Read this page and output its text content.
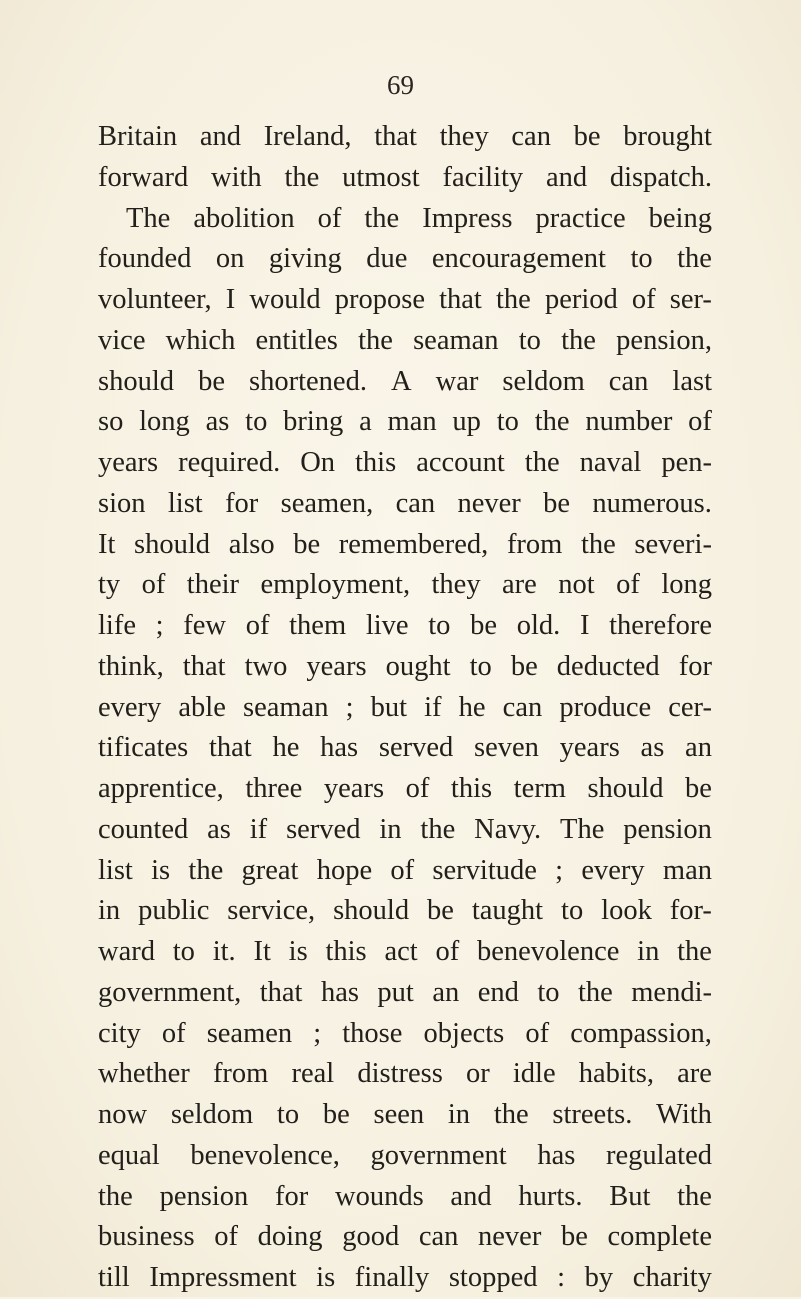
69
Britain and Ireland, that they can be brought
forward with the utmost facility and dispatch.
The abolition of the Impress practice being
founded on giving due encouragement to the
volunteer, I would propose that the period of ser-
vice which entitles the seaman to the pension,
should be shortened. A war seldom can last
so long as to bring a man up to the number of
years required. On this account the naval pen-
sion list for seamen, can never be numerous.
It should also be remembered, from the severi-
ty of their employment, they are not of long
life ; few of them live to be old. I therefore
think, that two years ought to be deducted for
every able seaman ; but if he can produce cer-
tificates that he has served seven years as an
apprentice, three years of this term should be
counted as if served in the Navy. The pension
list is the great hope of servitude ; every man
in public service, should be taught to look for-
ward to it. It is this act of benevolence in the
government, that has put an end to the mendi-
city of seamen ; those objects of compassion,
whether from real distress or idle habits, are
now seldom to be seen in the streets. With
equal benevolence, government has regulated
the pension for wounds and hurts. But the
business of doing good can never be complete
till Impressment is finally stopped : by charity
